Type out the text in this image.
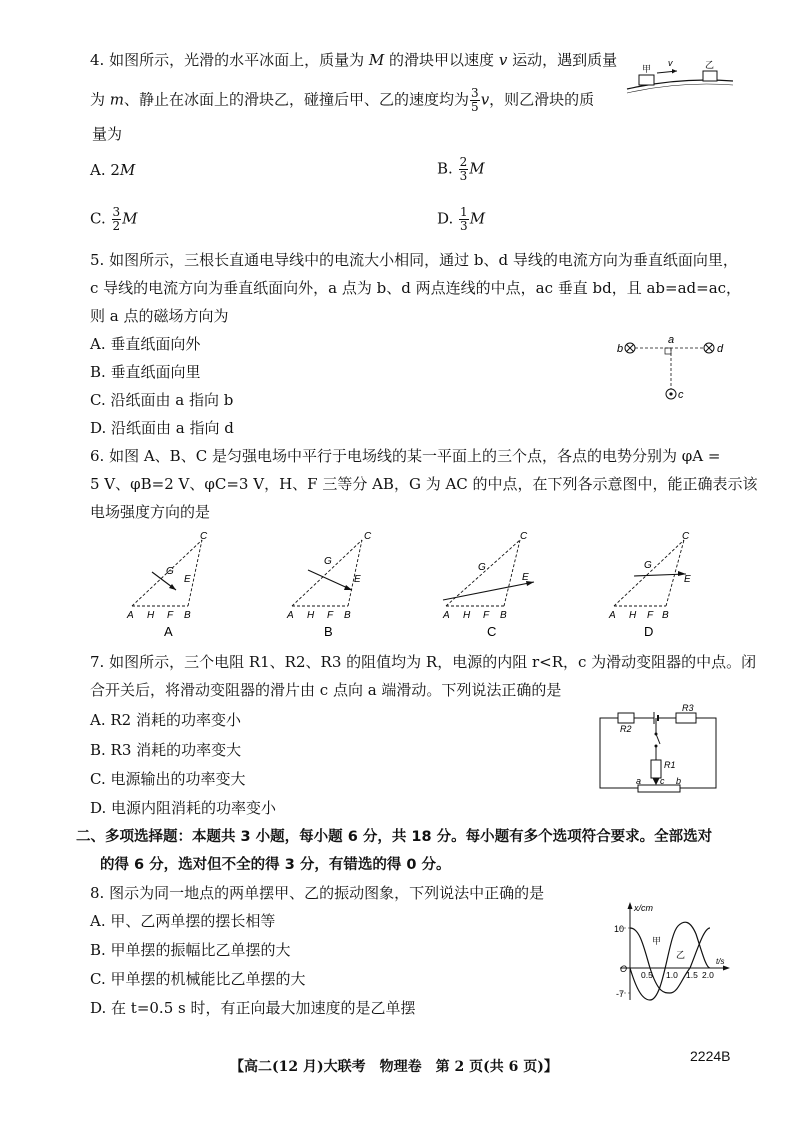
4. 如图所示，光滑的水平冰面上，质量为 M 的滑块甲以速度 v 运动，遇到质量
为 m、静止在冰面上的滑块乙，碰撞后甲、乙的速度均为 $\frac{3}{5}$ v，则乙滑块的质
量为
A. 2M	B. $\frac{2}{3}$ M
C. $\frac{3}{2}$ M	D. $\frac{1}{3}$ M
甲
v	乙
5. 如图所示，三根长直通电导线中的电流大小相同，通过 b、d 导线的电流方向为垂直纸面向里，
c 导线的电流方向为垂直纸面向外，a 点为 b、d 两点连线的中点，ac 垂直 bd，且 ab=ad=ac，
则 a 点的磁场方向为
A. 垂直纸面向外
B. 垂直纸面向里
C. 沿纸面由 a 指向 b
D. 沿纸面由 a 指向 d
b
a
d
c
6. 如图 A、B、C 是匀强电场中平行于电场线的某一平面上的三个点，各点的电势分别为 φA =
5 V、φB=2 V、φC=3 V，H、F 三等分 AB，G 为 AC 的中点，在下列各示意图中，能正确表示该
电场强度方向的是
C
G
E
A H F B
A
C
G
E
A H F B
B
C
G
E
A H F B
C
C
G
E
A H F B
D
7. 如图所示，三个电阻 R1、R2、R3 的阻值均为 R，电源的内阻 r<R，c 为滑动变阻器的中点。闭
合开关后，将滑动变阻器的滑片由 c 点向 a 端滑动。下列说法正确的是
A. R2 消耗的功率变小
B. R3 消耗的功率变大
C. 电源输出的功率变大
D. 电源内阻消耗的功率变小
R2
R3
R1
a c b
二、多项选择题：本题共 3 小题，每小题 6 分，共 18 分。每小题有多个选项符合要求。全部选对
的得 6 分，选对但不全的得 3 分，有错选的得 0 分。
8. 图示为同一地点的两单摆甲、乙的振动图象，下列说法中正确的是
A. 甲、乙两单摆的摆长相等
B. 甲单摆的振幅比乙单摆的大
C. 甲单摆的机械能比乙单摆的大
D. 在 t=0.5 s 时，有正向最大加速度的是乙单摆
x/cm
t/s
10
-7
O
0.5 1.0 1.5 2.0
甲
乙
【高二(12 月)大联考　物理卷　第 2 页(共 6 页)】
2224B
